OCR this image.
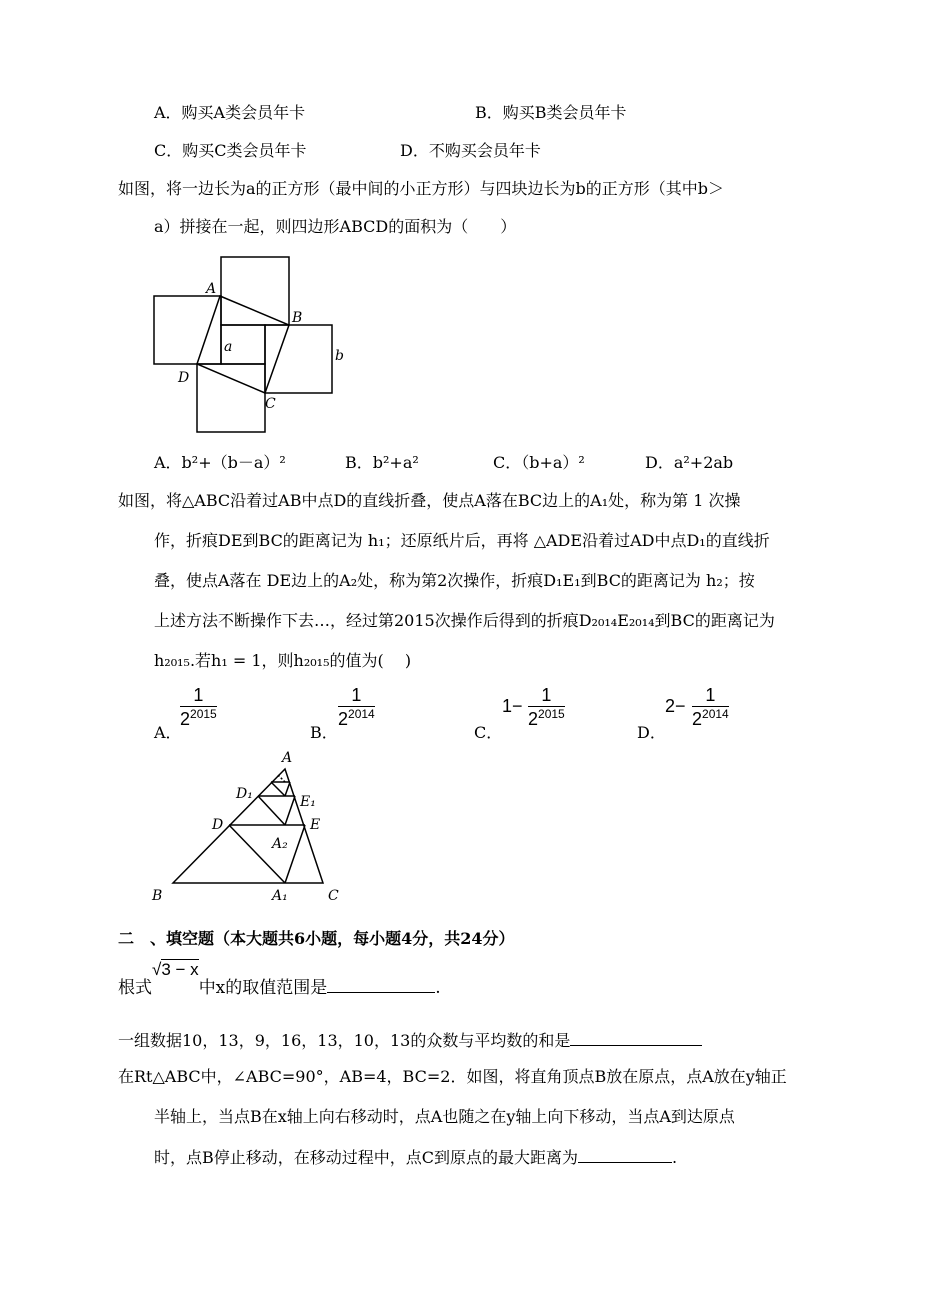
A．购买A类会员年卡	B．购买B类会员年卡
C．购买C类会员年卡	D．不购买会员年卡
如图，将一边长为a的正方形（最中间的小正方形）与四块边长为b的正方形（其中b＞
a）拼接在一起，则四边形ABCD的面积为（　　）
A
B
C
D
a
b
A
D₁	E₁
D	E
A₂
B	A₁	C
A．b²+（b－a）²	B．b²+a²	C．（b+a）²	D．a²+2ab
如图，将△ABC沿着过AB中点D的直线折叠，使点A落在BC边上的A₁处，称为第 1 次操
作，折痕DE到BC的距离记为 h₁；还原纸片后，再将 △ADE沿着过AD中点D₁的直线折
叠，使点A落在 DE边上的A₂处，称为第2次操作，折痕D₁E₁到BC的距离记为 h₂；按
上述方法不断操作下去…，经过第2015次操作后得到的折痕D₂₀₁₄E₂₀₁₄到BC的距离记为
h₂₀₁₅.若h₁ = 1，则h₂₀₁₅的值为(　 )
A．
$\frac{1}{2^{2015}}$
B．
$\frac{1}{2^{2014}}$
C．
$1- \frac{1}{2^{2015}}$
D．
$2- \frac{1}{2^{2014}}$
二　、填空题（本大题共6小题，每小题4分，共24分）
根式√3 − x中x的取值范围是	.
一组数据10，13，9，16，13，10，13的众数与平均数的和是
在Rt△ABC中，∠ABC=90°，AB=4，BC=2．如图，将直角顶点B放在原点，点A放在y轴正
半轴上，当点B在x轴上向右移动时，点A也随之在y轴上向下移动，当点A到达原点
时，点B停止移动，在移动过程中，点C到原点的最大距离为	.
